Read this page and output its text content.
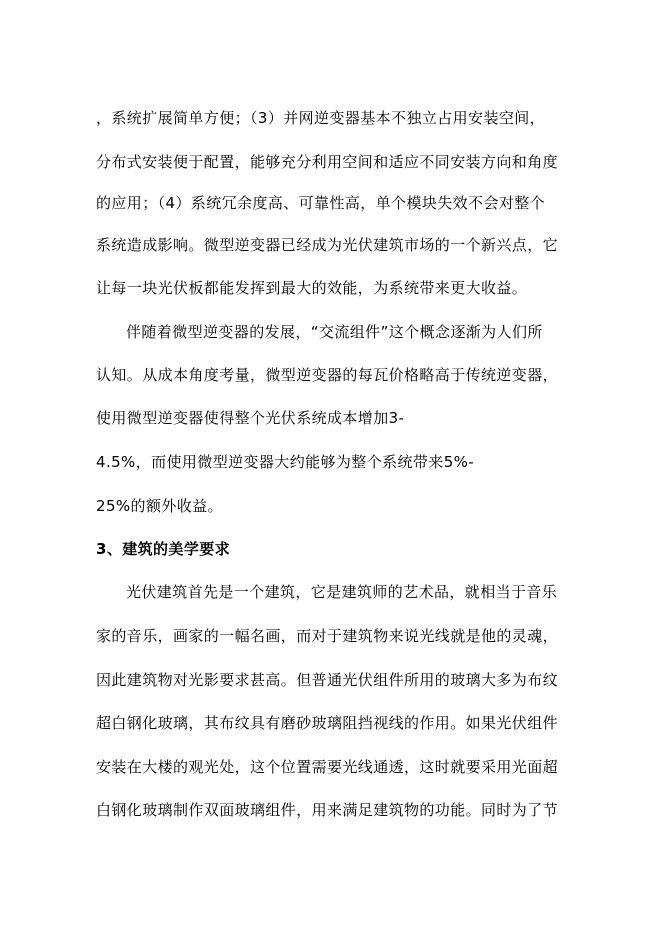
，系统扩展简单方便；（3）并网逆变器基本不独立占用安装空间，
分布式安装便于配置，能够充分利用空间和适应不同安装方向和角度
的应用；（4）系统冗余度高、可靠性高，单个模块失效不会对整个
系统造成影响。微型逆变器已经成为光伏建筑市场的一个新兴点，它
让每一块光伏板都能发挥到最大的效能，为系统带来更大收益。
伴随着微型逆变器的发展，“交流组件”这个概念逐渐为人们所
认知。从成本角度考量，微型逆变器的每瓦价格略高于传统逆变器，
使用微型逆变器使得整个光伏系统成本增加3-
4.5%，而使用微型逆变器大约能够为整个系统带来5%-
25%的额外收益。
3、建筑的美学要求
光伏建筑首先是一个建筑，它是建筑师的艺术品，就相当于音乐
家的音乐，画家的一幅名画，而对于建筑物来说光线就是他的灵魂，
因此建筑物对光影要求甚高。但普通光伏组件所用的玻璃大多为布纹
超白钢化玻璃，其布纹具有磨砂玻璃阻挡视线的作用。如果光伏组件
安装在大楼的观光处，这个位置需要光线通透，这时就要采用光面超
白钢化玻璃制作双面玻璃组件，用来满足建筑物的功能。同时为了节
